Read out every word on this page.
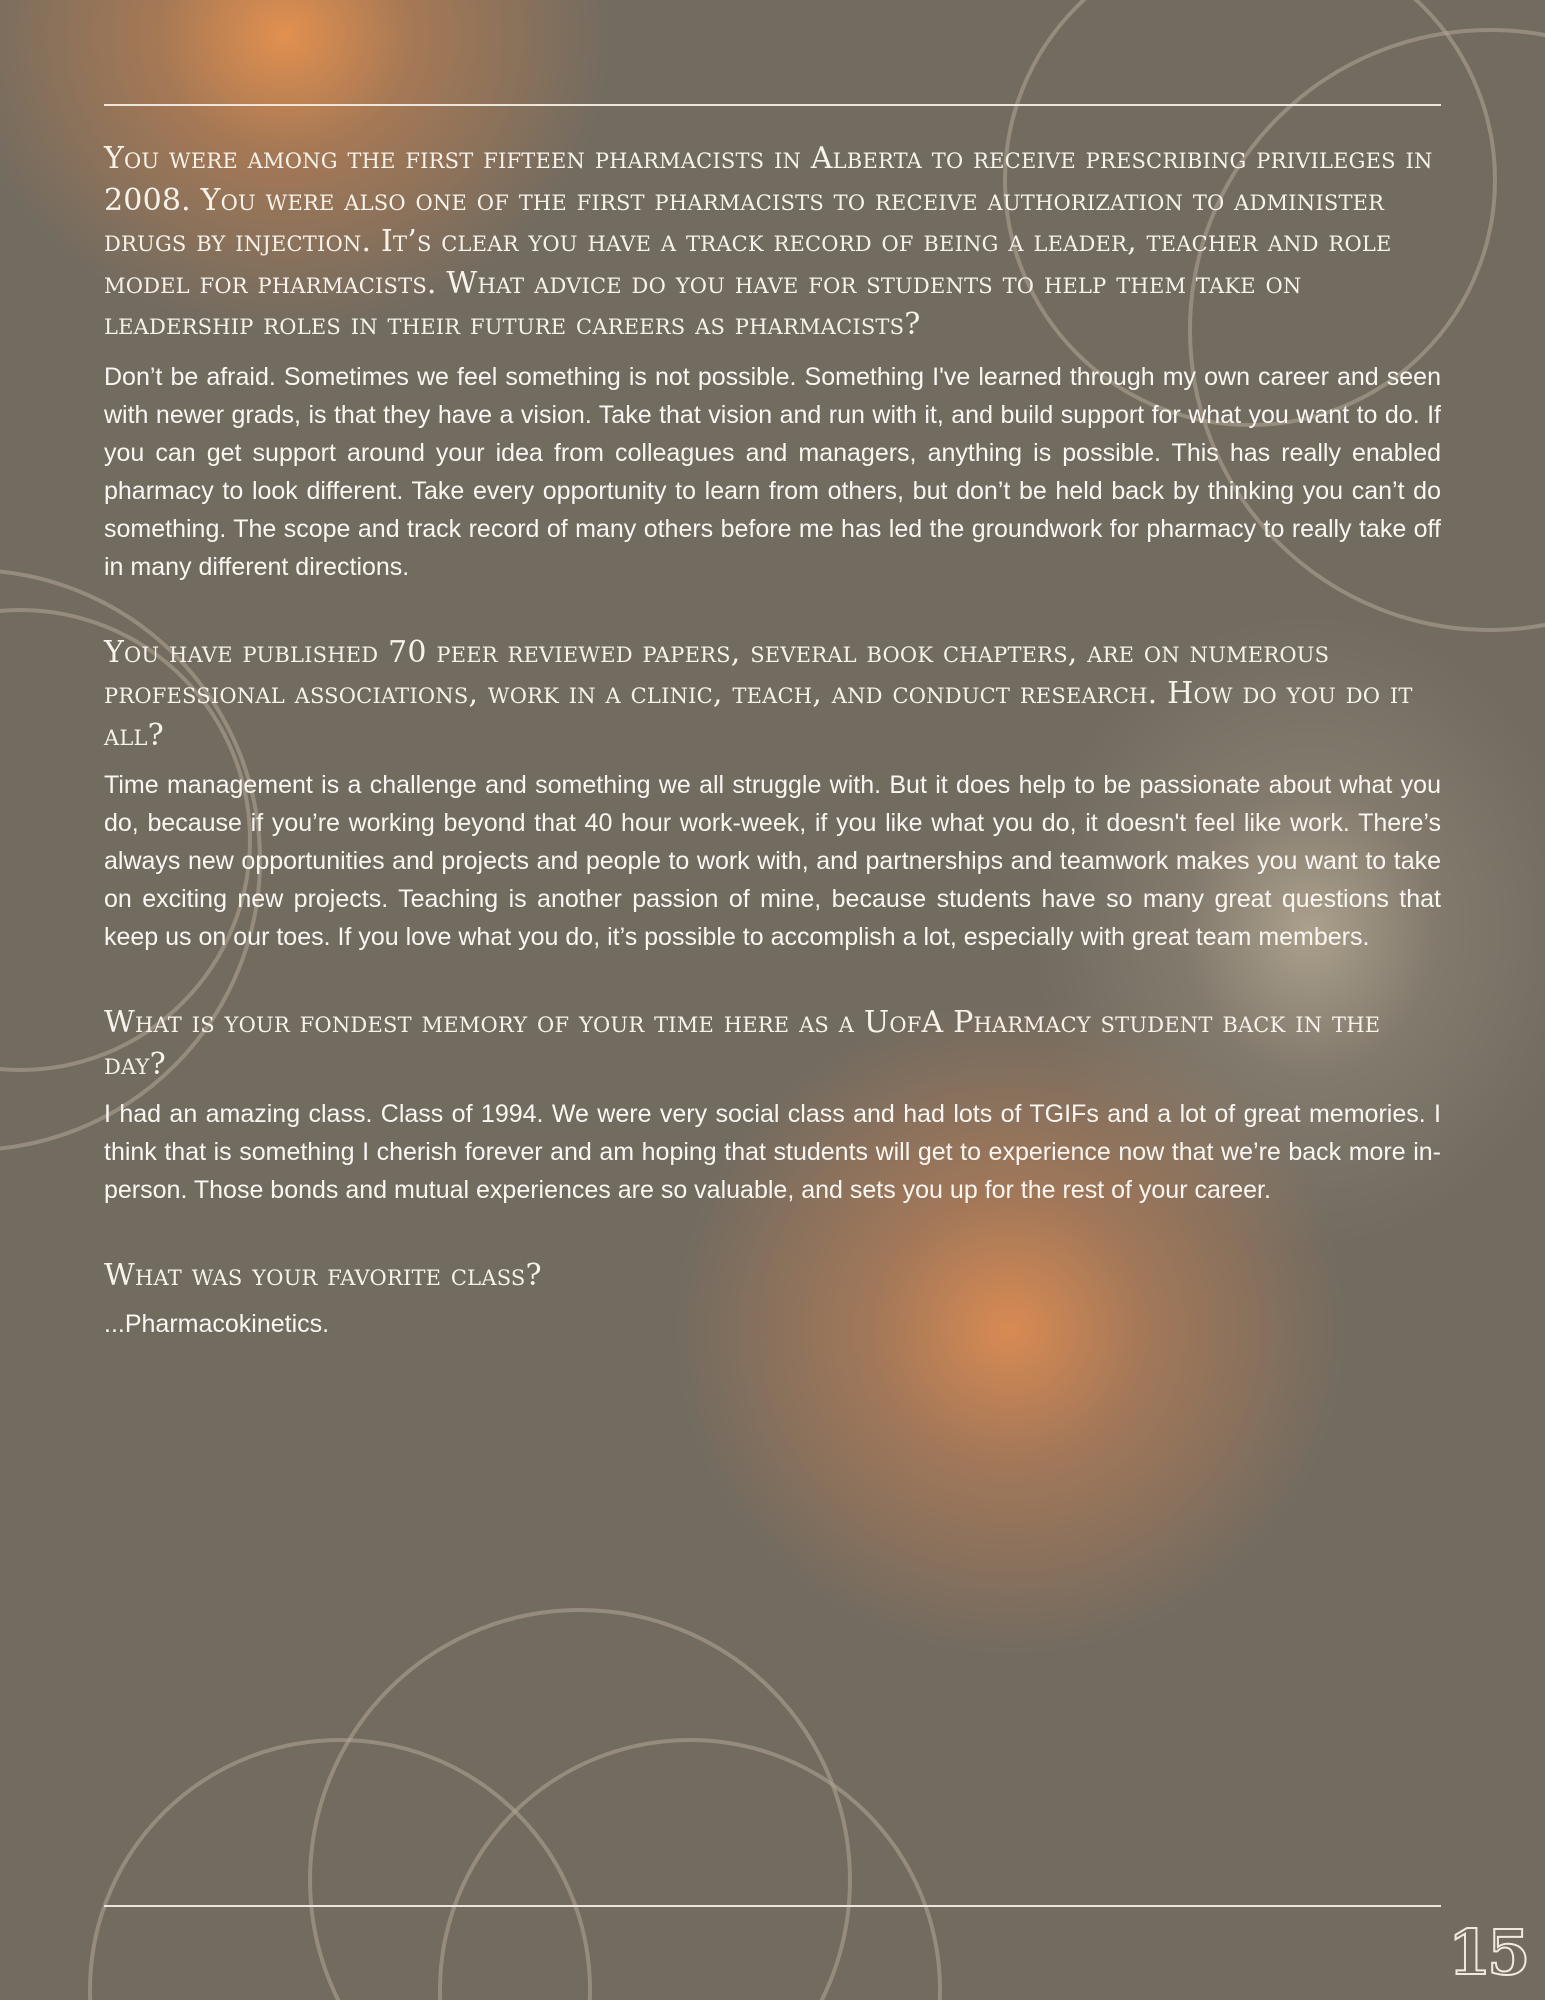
You were among the first fifteen pharmacists in Alberta to receive prescribing privileges in 2008. You were also one of the first pharmacists to receive authorization to administer drugs by injection. It’s clear you have a track record of being a leader, teacher and role model for pharmacists. What advice do you have for students to help them take on leadership roles in their future careers as pharmacists?

Don’t be afraid. Sometimes we feel something is not possible. Something I've learned through my own career and seen with newer grads, is that they have a vision. Take that vision and run with it, and build support for what you want to do. If you can get support around your idea from colleagues and managers, anything is possible. This has really enabled pharmacy to look different. Take every opportunity to learn from others, but don’t be held back by thinking you can’t do something. The scope and track record of many others before me has led the groundwork for pharmacy to really take off in many different directions.

You have published 70 peer reviewed papers, several book chapters, are on numerous professional associations, work in a clinic, teach, and conduct research. How do you do it all?

Time management is a challenge and something we all struggle with. But it does help to be passionate about what you do, because if you’re working beyond that 40 hour work-week, if you like what you do, it doesn't feel like work. There’s always new opportunities and projects and people to work with, and partnerships and teamwork makes you want to take on exciting new projects. Teaching is another passion of mine, because students have so many great questions that keep us on our toes. If you love what you do, it’s possible to accomplish a lot, especially with great team members.

What is your fondest memory of your time here as a UofA Pharmacy student back in the day?

I had an amazing class. Class of 1994. We were very social class and had lots of TGIFs and a lot of great memories. I think that is something I cherish forever and am hoping that students will get to experience now that we’re back more in-person. Those bonds and mutual experiences are so valuable, and sets you up for the rest of your career.

What was your favorite class?

...Pharmacokinetics.

15
